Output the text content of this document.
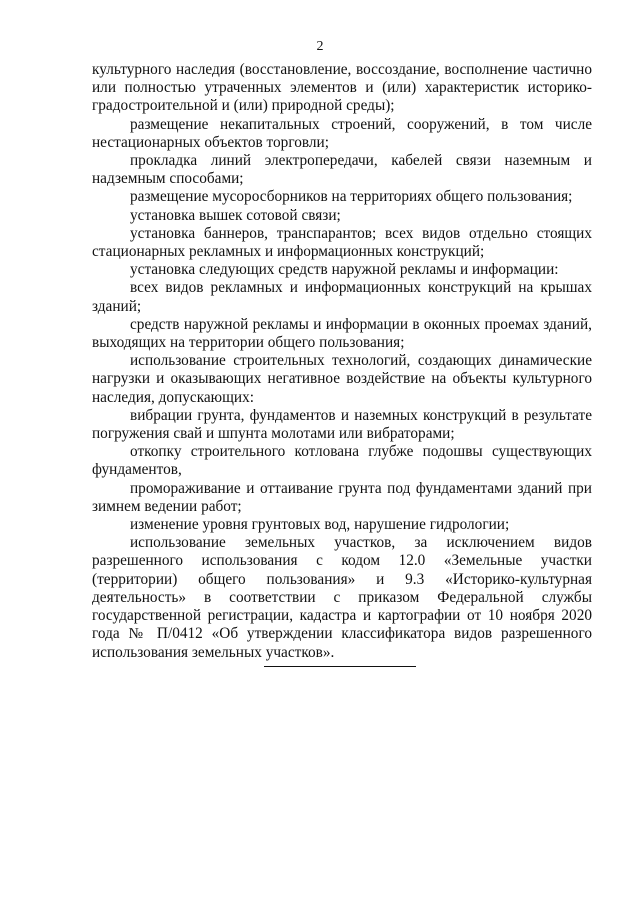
2

культурного наследия (восстановление, воссоздание, восполнение частично или полностью утраченных элементов и (или) характеристик историко-градостроительной и (или) природной среды);

размещение некапитальных строений, сооружений, в том числе нестационарных объектов торговли;

прокладка линий электропередачи, кабелей связи наземным и надземным способами;

размещение мусоросборников на территориях общего пользования;

установка вышек сотовой связи;

установка баннеров, транспарантов; всех видов отдельно стоящих стационарных рекламных и информационных конструкций;

установка следующих средств наружной рекламы и информации:

всех видов рекламных и информационных конструкций на крышах зданий;

средств наружной рекламы и информации в оконных проемах зданий, выходящих на территории общего пользования;

использование строительных технологий, создающих динамические нагрузки и оказывающих негативное воздействие на объекты культурного наследия, допускающих:

вибрации грунта, фундаментов и наземных конструкций в результате погружения свай и шпунта молотами или вибраторами;

откопку строительного котлована глубже подошвы существующих фундаментов,

промораживание и оттаивание грунта под фундаментами зданий при зимнем ведении работ;

изменение уровня грунтовых вод, нарушение гидрологии;

использование земельных участков, за исключением видов разрешенного использования с кодом 12.0 «Земельные участки (территории) общего пользования» и 9.3 «Историко-культурная деятельность» в соответствии с приказом Федеральной службы государственной регистрации, кадастра и картографии от 10 ноября 2020 года № П/0412 «Об утверждении классификатора видов разрешенного использования земельных участков».
